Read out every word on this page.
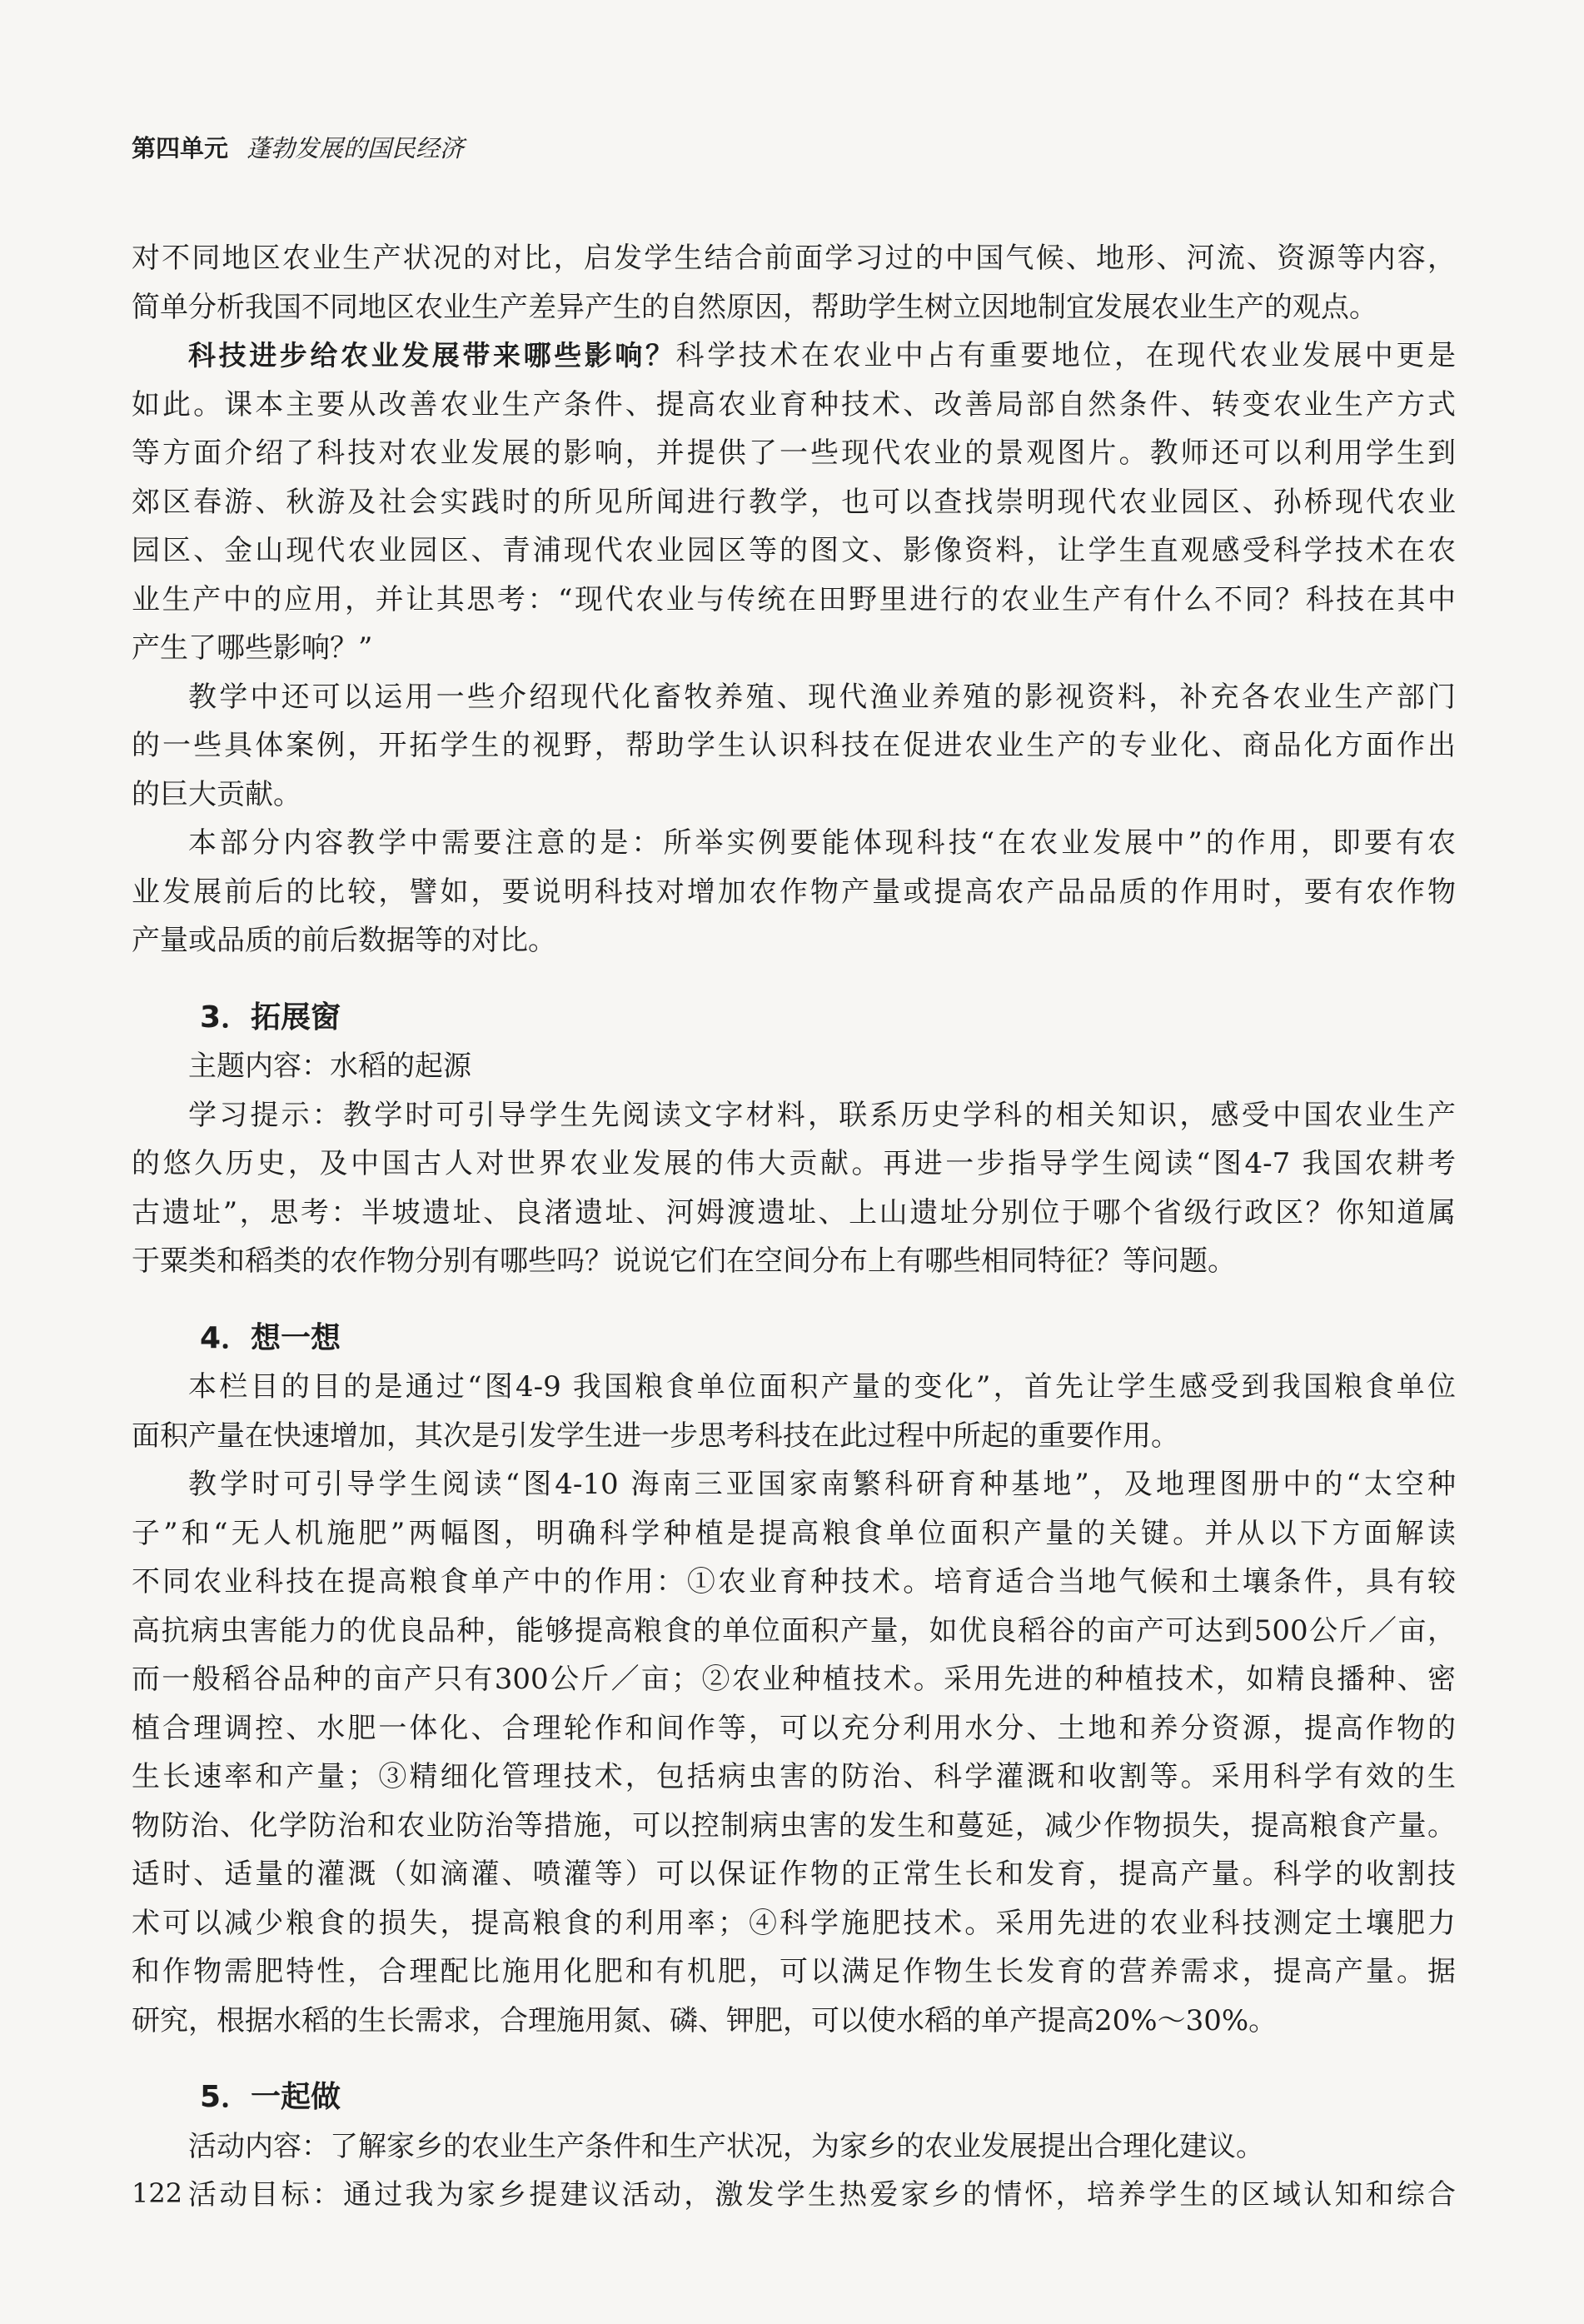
第四单元 蓬勃发展的国民经济
对不同地区农业生产状况的对比，启发学生结合前面学习过的中国气候、地形、河流、资源等内容，
简单分析我国不同地区农业生产差异产生的自然原因，帮助学生树立因地制宜发展农业生产的观点。
科技进步给农业发展带来哪些影响？科学技术在农业中占有重要地位，在现代农业发展中更是
如此。课本主要从改善农业生产条件、提高农业育种技术、改善局部自然条件、转变农业生产方式
等方面介绍了科技对农业发展的影响，并提供了一些现代农业的景观图片。教师还可以利用学生到
郊区春游、秋游及社会实践时的所见所闻进行教学，也可以查找崇明现代农业园区、孙桥现代农业
园区、金山现代农业园区、青浦现代农业园区等的图文、影像资料，让学生直观感受科学技术在农
业生产中的应用，并让其思考：“现代农业与传统在田野里进行的农业生产有什么不同？科技在其中
产生了哪些影响？”
教学中还可以运用一些介绍现代化畜牧养殖、现代渔业养殖的影视资料，补充各农业生产部门
的一些具体案例，开拓学生的视野，帮助学生认识科技在促进农业生产的专业化、商品化方面作出
的巨大贡献。
本部分内容教学中需要注意的是：所举实例要能体现科技“在农业发展中”的作用，即要有农
业发展前后的比较，譬如，要说明科技对增加农作物产量或提高农产品品质的作用时，要有农作物
产量或品质的前后数据等的对比。
3．拓展窗
主题内容：水稻的起源
学习提示：教学时可引导学生先阅读文字材料，联系历史学科的相关知识，感受中国农业生产
的悠久历史，及中国古人对世界农业发展的伟大贡献。再进一步指导学生阅读“图4-7 我国农耕考
古遗址”，思考：半坡遗址、良渚遗址、河姆渡遗址、上山遗址分别位于哪个省级行政区？你知道属
于粟类和稻类的农作物分别有哪些吗？说说它们在空间分布上有哪些相同特征？等问题。
4．想一想
本栏目的目的是通过“图4-9 我国粮食单位面积产量的变化”，首先让学生感受到我国粮食单位
面积产量在快速增加，其次是引发学生进一步思考科技在此过程中所起的重要作用。
教学时可引导学生阅读“图4-10 海南三亚国家南繁科研育种基地”，及地理图册中的“太空种
子”和“无人机施肥”两幅图，明确科学种植是提高粮食单位面积产量的关键。并从以下方面解读
不同农业科技在提高粮食单产中的作用：①农业育种技术。培育适合当地气候和土壤条件，具有较
高抗病虫害能力的优良品种，能够提高粮食的单位面积产量，如优良稻谷的亩产可达到500公斤／亩，
而一般稻谷品种的亩产只有300公斤／亩；②农业种植技术。采用先进的种植技术，如精良播种、密
植合理调控、水肥一体化、合理轮作和间作等，可以充分利用水分、土地和养分资源，提高作物的
生长速率和产量；③精细化管理技术，包括病虫害的防治、科学灌溉和收割等。采用科学有效的生
物防治、化学防治和农业防治等措施，可以控制病虫害的发生和蔓延，减少作物损失，提高粮食产量。
适时、适量的灌溉（如滴灌、喷灌等）可以保证作物的正常生长和发育，提高产量。科学的收割技
术可以减少粮食的损失，提高粮食的利用率；④科学施肥技术。采用先进的农业科技测定土壤肥力
和作物需肥特性，合理配比施用化肥和有机肥，可以满足作物生长发育的营养需求，提高产量。据
研究，根据水稻的生长需求，合理施用氮、磷、钾肥，可以使水稻的单产提高20%～30%。
5．一起做
活动内容：了解家乡的农业生产条件和生产状况，为家乡的农业发展提出合理化建议。
活动目标：通过我为家乡提建议活动，激发学生热爱家乡的情怀，培养学生的区域认知和综合
122
